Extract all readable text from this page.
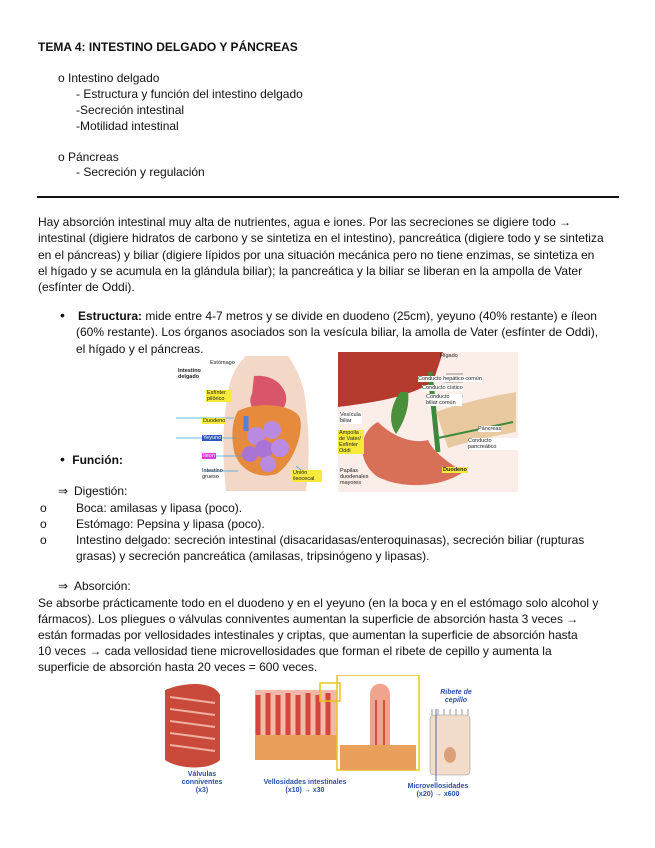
TEMA 4: INTESTINO DELGADO Y PÁNCREAS
o Intestino delgado
- Estructura y función del intestino delgado
-Secreción intestinal
-Motilidad intestinal
o Páncreas
- Secreción y regulación
Hay absorción intestinal muy alta de nutrientes, agua e iones. Por las secreciones se digiere todo →
intestinal (digiere hidratos de carbono y se sintetiza en el intestino), pancreática (digiere todo y se sintetiza
en el páncreas) y biliar (digiere lípidos por una situación mecánica pero no tiene enzimas, se sintetiza en
el hígado y se acumula en la glándula biliar); la pancreática y la biliar se liberan en la ampolla de Vater
(esfínter de Oddi).
•	Estructura: mide entre 4-7 metros y se divide en duodeno (25cm), yeyuno (40% restante) e íleon
(60% restante). Los órganos asociados son la vesícula biliar, la amolla de Vater (esfínter de Oddi),
el hígado y el páncreas.
Intestino delgado
Estómago
Esfínter pilórico
Duodeno
Yeyuno
Íleon
Intestino grueso
Unión ileocecal
Hígado
Conducto hepático común
Conducto cístico
Conducto biliar común
Vesícula biliar
Ampolla de Vater/ Esfínter Oddi
Papilas duodenales mayores
Páncreas
Conducto pancreático
Duodeno
• Función:
⇒ Digestión:
o Boca: amilasas y lipasa (poco).
o Estómago: Pepsina y lipasa (poco).
o Intestino delgado: secreción intestinal (disacaridasas/enteroquinasas), secreción biliar (rupturas
grasas) y secreción pancreática (amilasas, tripsinógeno y lipasas).
⇒ Absorción:
Se absorbe prácticamente todo en el duodeno y en el yeyuno (en la boca y en el estómago solo alcohol y
fármacos). Los pliegues o válvulas conniventes aumentan la superficie de absorción hasta 3 veces →
están formadas por vellosidades intestinales y criptas, que aumentan la superficie de absorción hasta
10 veces → cada vellosidad tiene microvellosidades que forman el ribete de cepillo y aumenta la
superficie de absorción hasta 20 veces = 600 veces.
Válvulas conniventes (x3)
Vellosidades intestinales (x10) → x30
Microvellosidades (x20) → x600
Ribete de cepillo
